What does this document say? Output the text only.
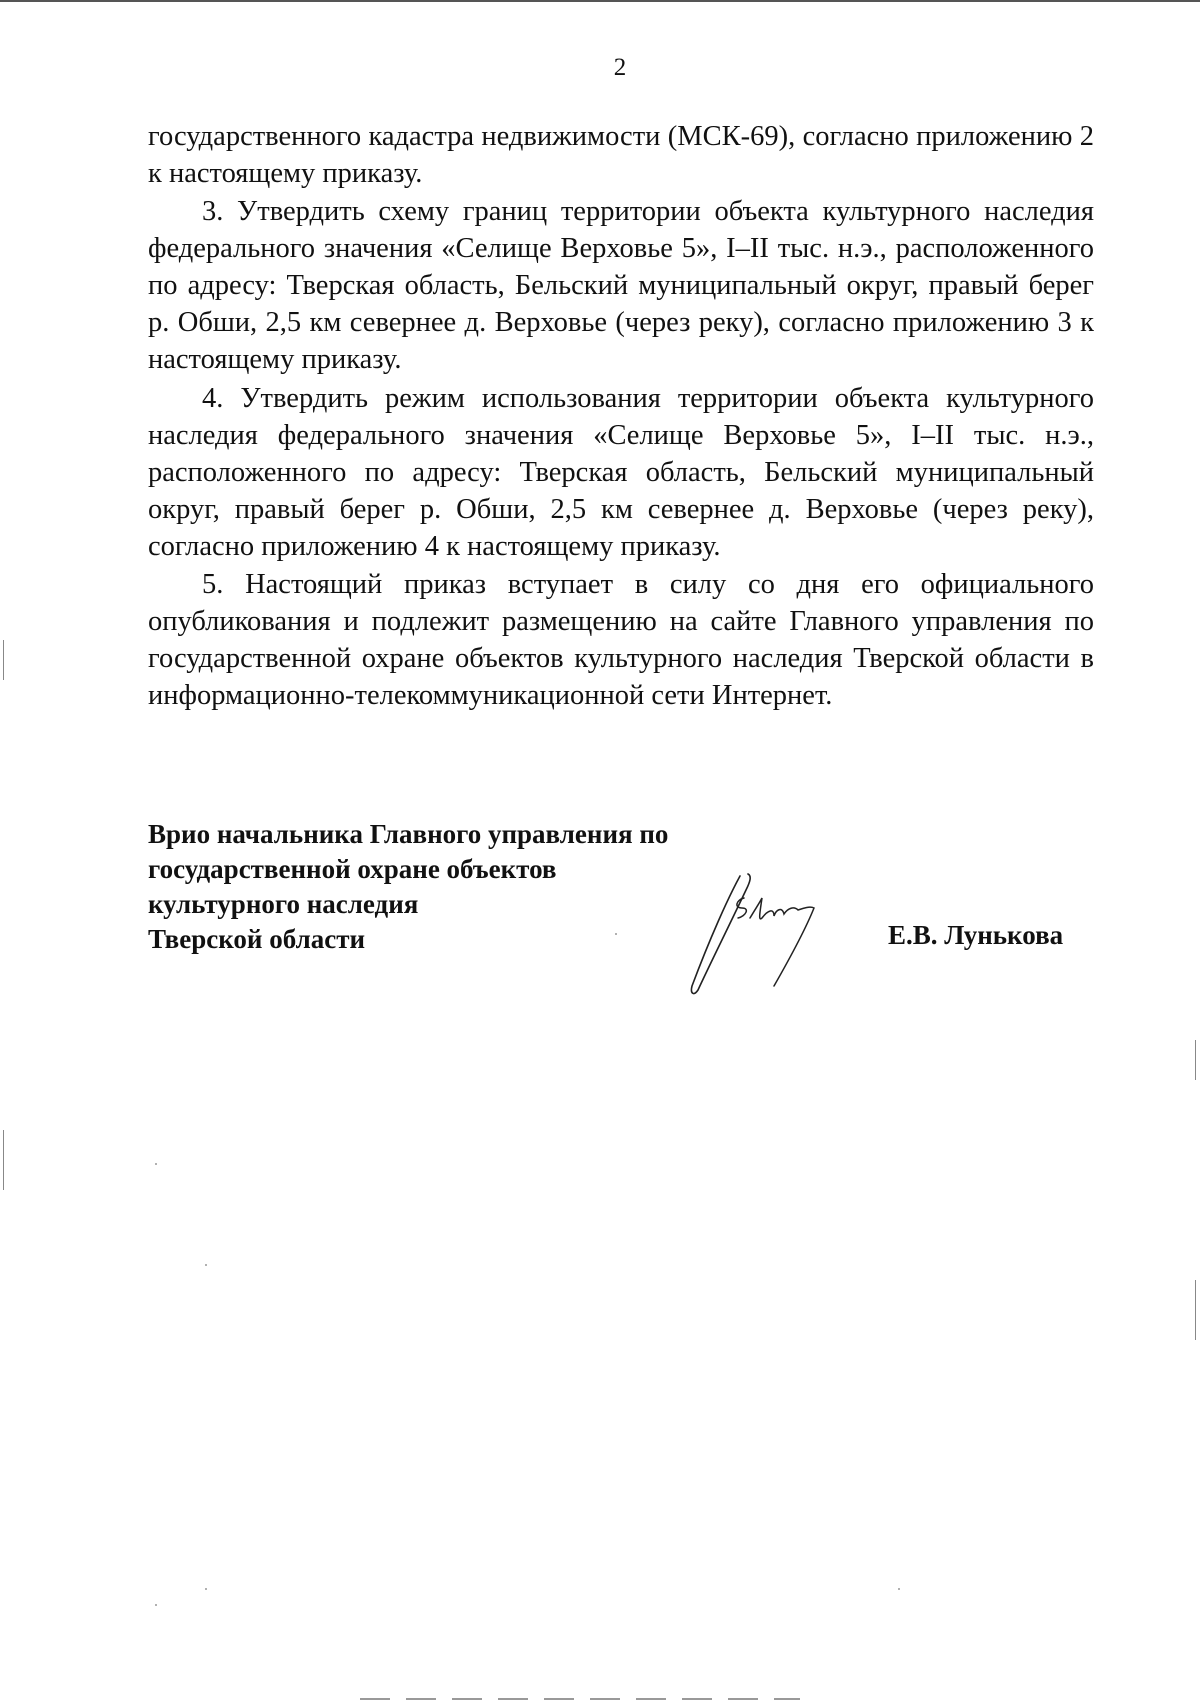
2
государственного кадастра недвижимости (МСК-69), согласно приложению 2 к настоящему приказу.
3. Утвердить схему границ территории объекта культурного наследия федерального значения «Селище Верховье 5», I–II тыс. н.э., расположенного по адресу: Тверская область, Бельский муниципальный округ, правый берег р. Обши, 2,5 км севернее д. Верховье (через реку), согласно приложению 3 к настоящему приказу.
4. Утвердить режим использования территории объекта культурного наследия федерального значения «Селище Верховье 5», I–II тыс. н.э., расположенного по адресу: Тверская область, Бельский муниципальный округ, правый берег р. Обши, 2,5 км севернее д. Верховье (через реку), согласно приложению 4 к настоящему приказу.
5. Настоящий приказ вступает в силу со дня его официального опубликования и подлежит размещению на сайте Главного управления по государственной охране объектов культурного наследия Тверской области в информационно-телекоммуникационной сети Интернет.
Врио начальника Главного управления по
государственной охране объектов
культурного наследия
Тверской области	Е.В. Лунькова
